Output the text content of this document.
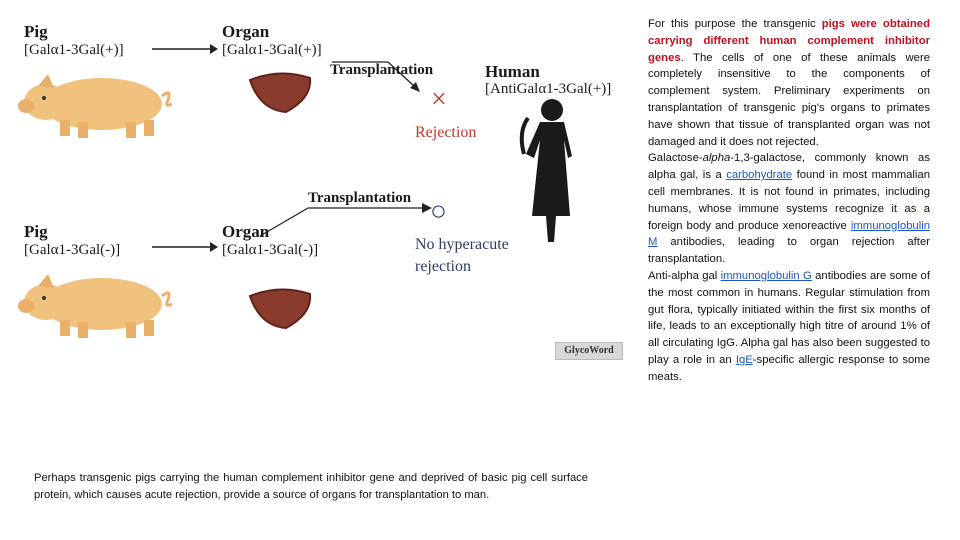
Pig
[Galα1-3Gal(+)]
Organ
[Galα1-3Gal(+)]
Transplantation	Human
[AntiGalα1-3Gal(+)]
×
Rejection
Pig
[Galα1-3Gal(-)]
Organ
[Galα1-3Gal(-)]
Transplantation ○
No hyperacute
rejection
GlycoWord

For this purpose the transgenic pigs were obtained carrying different human complement inhibitor genes. The cells of one of these animals were completely insensitive to the components of complement system. Preliminary experiments on transplantation of transgenic pig's organs to primates have shown that tissue of transplanted organ was not damaged and it does not rejected.

Galactose-alpha-1,3-galactose, commonly known as alpha gal, is a carbohydrate found in most mammalian cell membranes. It is not found in primates, including humans, whose immune systems recognize it as a foreign body and produce xenoreactive immunoglobulin M antibodies, leading to organ rejection after transplantation.

Anti-alpha gal immunoglobulin G antibodies are some of the most common in humans. Regular stimulation from gut flora, typically initiated within the first six months of life, leads to an exceptionally high titre of around 1% of all circulating IgG. Alpha gal has also been suggested to play a role in an IgE-specific allergic response to some meats.

Perhaps transgenic pigs carrying the human complement inhibitor gene and deprived of basic pig cell surface protein, which causes acute rejection, provide a source of organs for transplantation to man.
